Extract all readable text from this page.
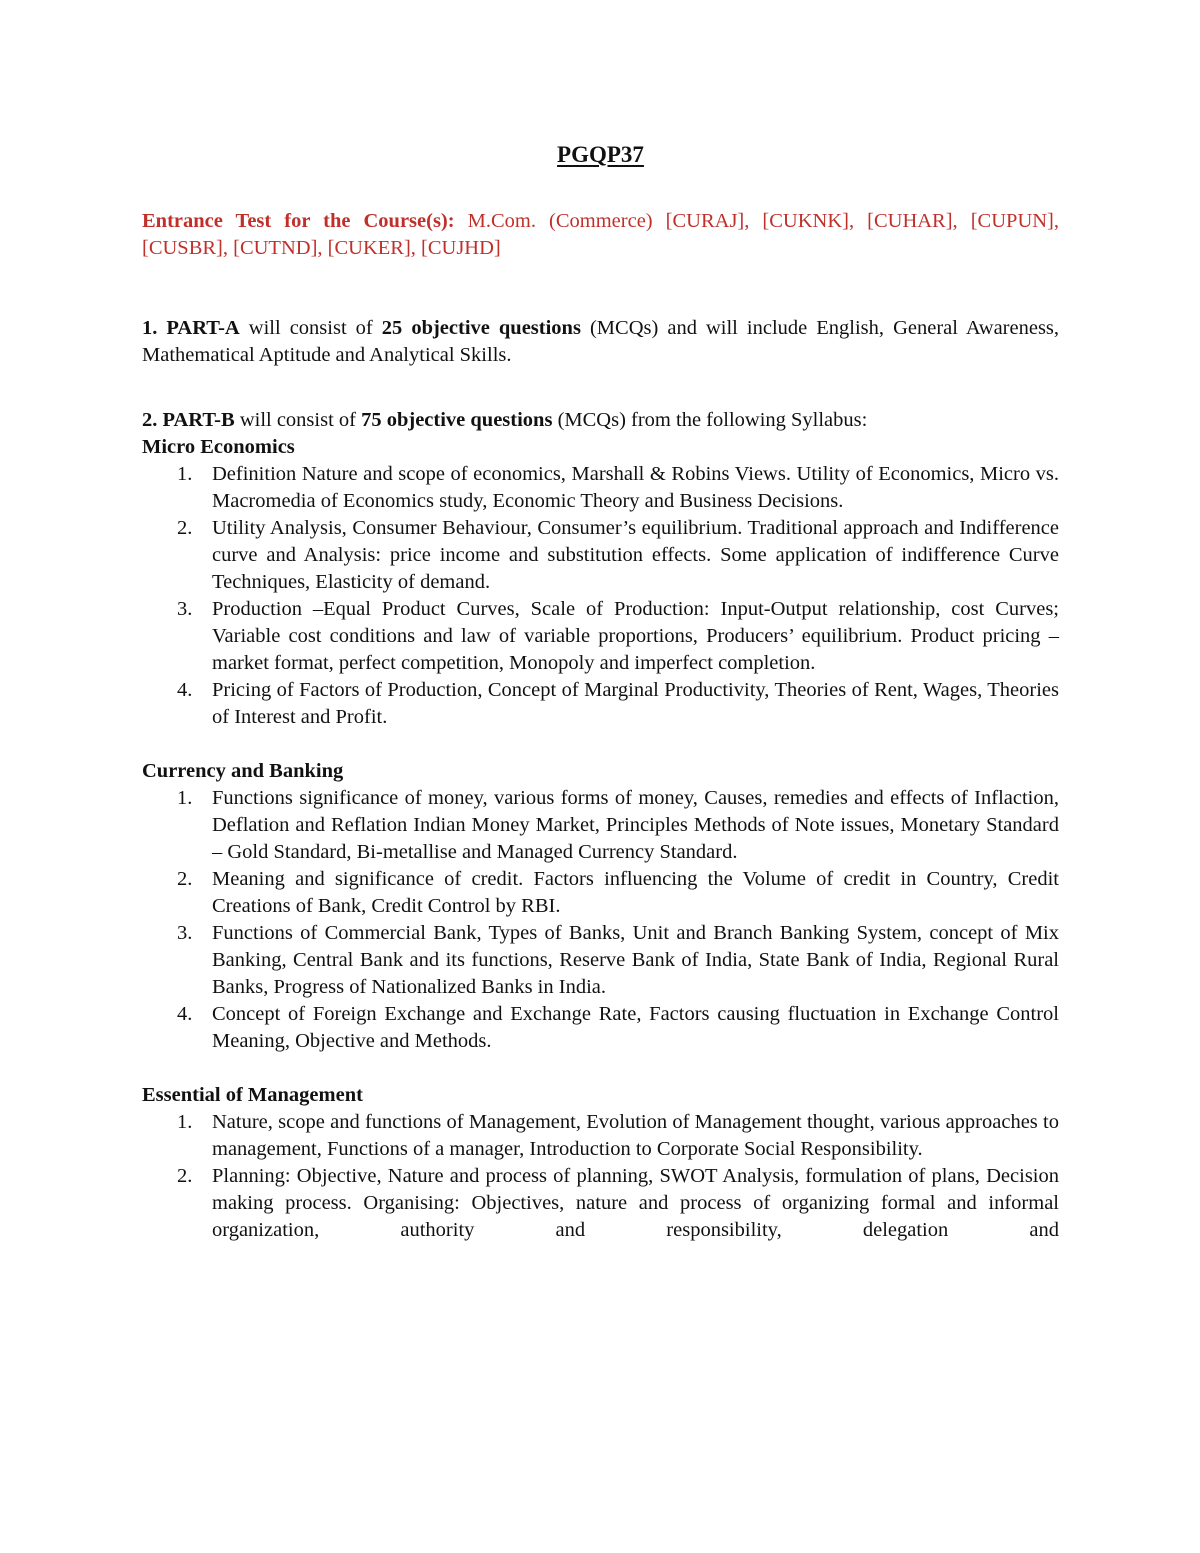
PGQP37

Entrance Test for the Course(s): M.Com. (Commerce) [CURAJ], [CUKNK], [CUHAR], [CUPUN], [CUSBR], [CUTND], [CUKER], [CUJHD]

1. PART-A will consist of 25 objective questions (MCQs) and will include English, General Awareness, Mathematical Aptitude and Analytical Skills.

2. PART-B will consist of 75 objective questions (MCQs) from the following Syllabus:

Micro Economics
1. Definition Nature and scope of economics, Marshall & Robins Views. Utility of Economics, Micro vs. Macromedia of Economics study, Economic Theory and Business Decisions.
2. Utility Analysis, Consumer Behaviour, Consumer’s equilibrium. Traditional approach and Indifference curve and Analysis: price income and substitution effects. Some application of indifference Curve Techniques, Elasticity of demand.
3. Production –Equal Product Curves, Scale of Production: Input-Output relationship, cost Curves; Variable cost conditions and law of variable proportions, Producers’ equilibrium. Product pricing –market format, perfect competition, Monopoly and imperfect completion.
4. Pricing of Factors of Production, Concept of Marginal Productivity, Theories of Rent, Wages, Theories of Interest and Profit.
Currency and Banking
1. Functions significance of money, various forms of money, Causes, remedies and effects of Inflaction, Deflation and Reflation Indian Money Market, Principles Methods of Note issues, Monetary Standard – Gold Standard, Bi-metallise and Managed Currency Standard.
2. Meaning and significance of credit. Factors influencing the Volume of credit in Country, Credit Creations of Bank, Credit Control by RBI.
3. Functions of Commercial Bank, Types of Banks, Unit and Branch Banking System, concept of Mix Banking, Central Bank and its functions, Reserve Bank of India, State Bank of India, Regional Rural Banks, Progress of Nationalized Banks in India.
4. Concept of Foreign Exchange and Exchange Rate, Factors causing fluctuation in Exchange Control Meaning, Objective and Methods.
Essential of Management
1. Nature, scope and functions of Management, Evolution of Management thought, various approaches to management, Functions of a manager, Introduction to Corporate Social Responsibility.
2. Planning: Objective, Nature and process of planning, SWOT Analysis, formulation of plans, Decision making process. Organising: Objectives, nature and process of organizing formal and informal organization, authority and responsibility, delegation and
